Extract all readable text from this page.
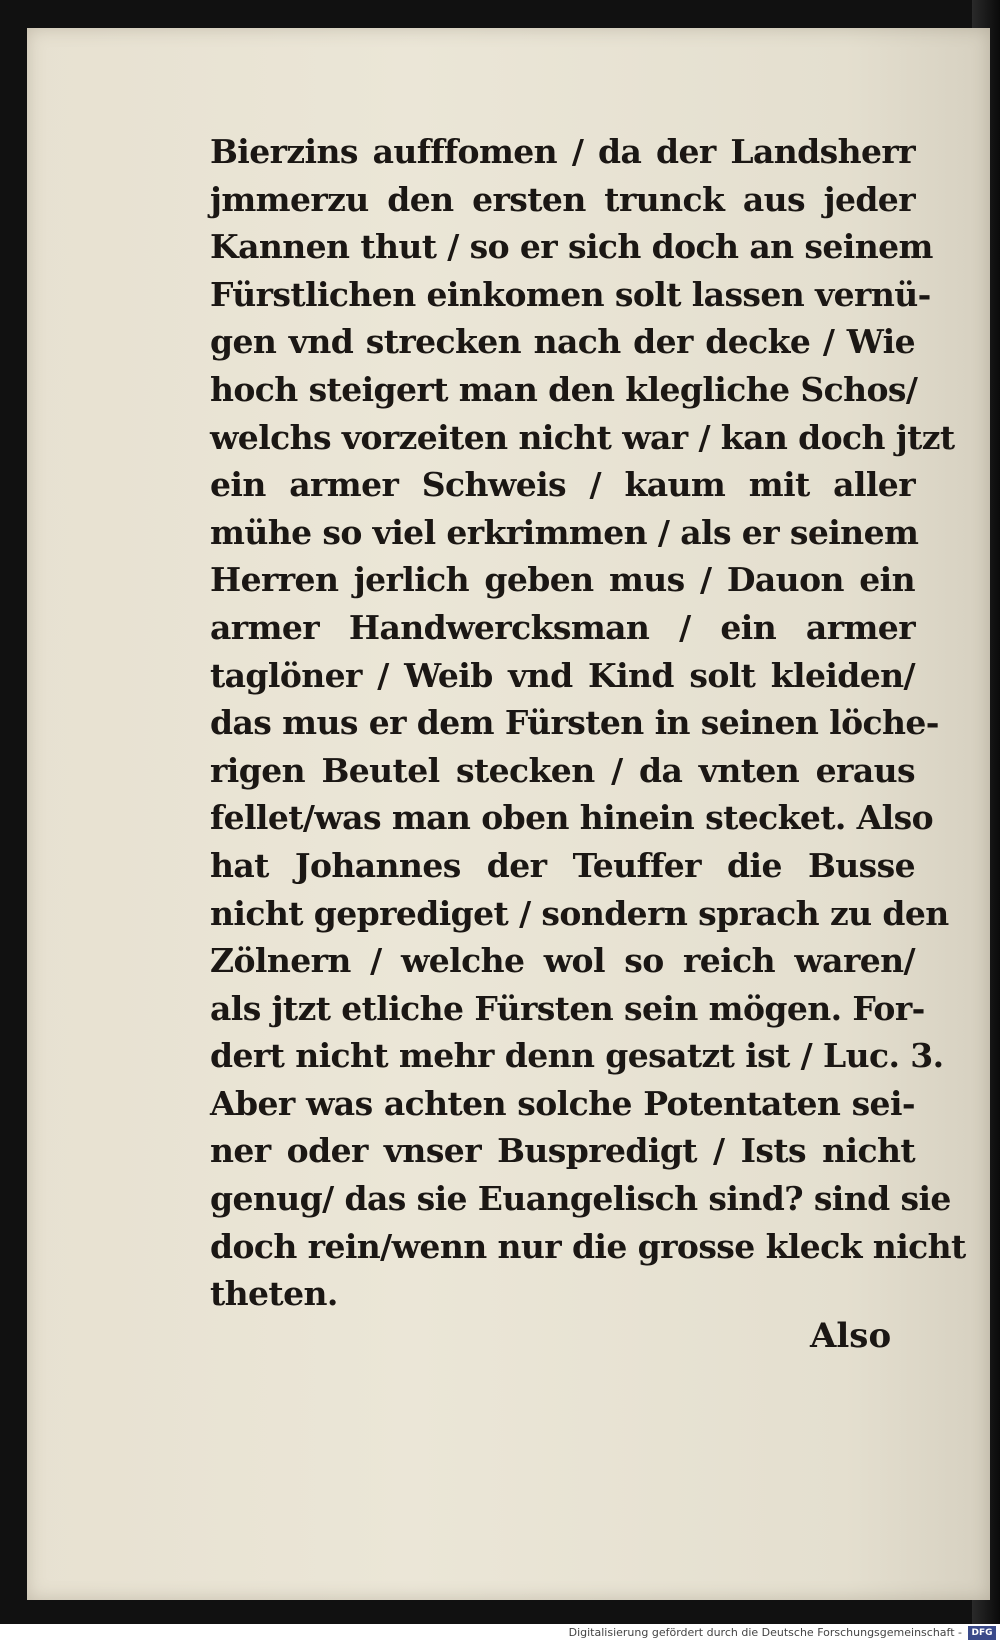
Bierzins aufffomen / da der Landsherr
jmmerzu den ersten trunck aus jeder
Kannen thut / so er sich doch an seinem
Fürstlichen einkomen solt lassen vernü-
gen vnd strecken nach der decke / Wie
hoch steigert man den klegliche Schos/
welchs vorzeiten nicht war / kan doch jtzt
ein armer Schweis / kaum mit aller
mühe so viel erkrimmen / als er seinem
Herren jerlich geben mus / Dauon ein
armer Handwercksman / ein armer
taglöner / Weib vnd Kind solt kleiden/
das mus er dem Fürsten in seinen löche-
rigen Beutel stecken / da vnten eraus
fellet/was man oben hinein stecket. Also
hat Johannes der Teuffer die Busse
nicht geprediget / sondern sprach zu den
Zölnern / welche wol so reich waren/
als jtzt etliche Fürsten sein mögen. For-
dert nicht mehr denn gesatzt ist / Luc. 3.
Aber was achten solche Potentaten sei-
ner oder vnser Buspredigt / Ists nicht
genug/ das sie Euangelisch sind? sind sie
doch rein/wenn nur die grosse kleck nicht
theten.
Also
Digitalisierung gefördert durch die Deutsche Forschungsgemeinschaft -	DFG
